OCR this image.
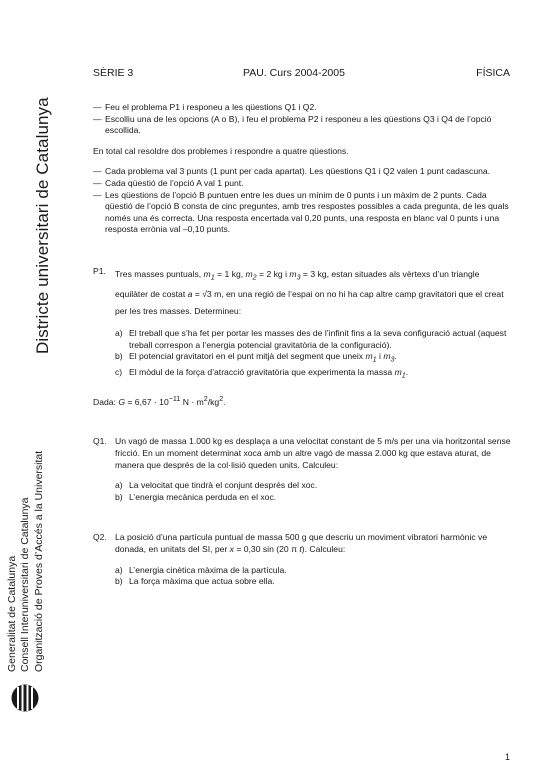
Districte universitari de Catalunya
Generalitat de Catalunya Consell Interuniversitari de Catalunya Organització de Proves d’Accés a la Universitat
SÈRIE 3	PAU. Curs 2004-2005	FÍSICA
— Feu el problema P1 i responeu a les qüestions Q1 i Q2.
— Escolliu una de les opcions (A o B), i feu el problema P2 i responeu a les qüestions Q3 i Q4 de l’opció escollida.

En total cal resoldre dos problemes i respondre a quatre qüestions.

— Cada problema val 3 punts (1 punt per cada apartat). Les qüestions Q1 i Q2 valen 1 punt cadascuna.
— Cada qüestió de l’opció A val 1 punt.
— Les qüestions de l’opció B puntuen entre les dues un mínim de 0 punts i un màxim de 2 punts. Cada qüestió de l’opció B consta de cinc preguntes, amb tres respostes possibles a cada pregunta, de les quals només una és correcta. Una resposta encertada val 0,20 punts, una resposta en blanc val 0 punts i una resposta errònia val –0,10 punts.
P1.	Tres masses puntuals, $m_1 = 1$ kg, $m_2 = 2$ kg i $m_3 = 3$ kg, estan situades als vèrtexs d’un triangle equilàter de costat a = √3 m, en una regió de l’espai on no hi ha cap altre camp gravitatori que el creat per les tres masses. Determineu:

a) El treball que s’ha fet per portar les masses des de l’infinit fins a la seva configuració actual (aquest treball correspon a l’energia potencial gravitatòria de la configuració).
b) El potencial gravitatori en el punt mitjà del segment que uneix $m_1$ i $m_3$.
c) El mòdul de la força d’atracció gravitatòria que experimenta la massa $m_1$.

Dada: $G = 6,67 \cdot 10^{-11}$ $N \cdot m^2/kg^2$.

Q1. Un vagó de massa 1.000 kg es desplaça a una velocitat constant de 5 m/s per una via horitzontal sense fricció. En un moment determinat xoca amb un altre vagó de massa 2.000 kg que estava aturat, de manera que després de la col·lisió queden units. Calculeu:

a) La velocitat que tindrà el conjunt després del xoc.
b) L’energia mecànica perduda en el xoc.
Q2. La posició d’una partícula puntual de massa 500 g que descriu un moviment vibratori harmònic ve donada, en unitats del SI, per x = 0,30 sin (20 π t). Calculeu:

a) L’energia cinètica màxima de la partícula.
b) La força màxima que actua sobre ella.
1
